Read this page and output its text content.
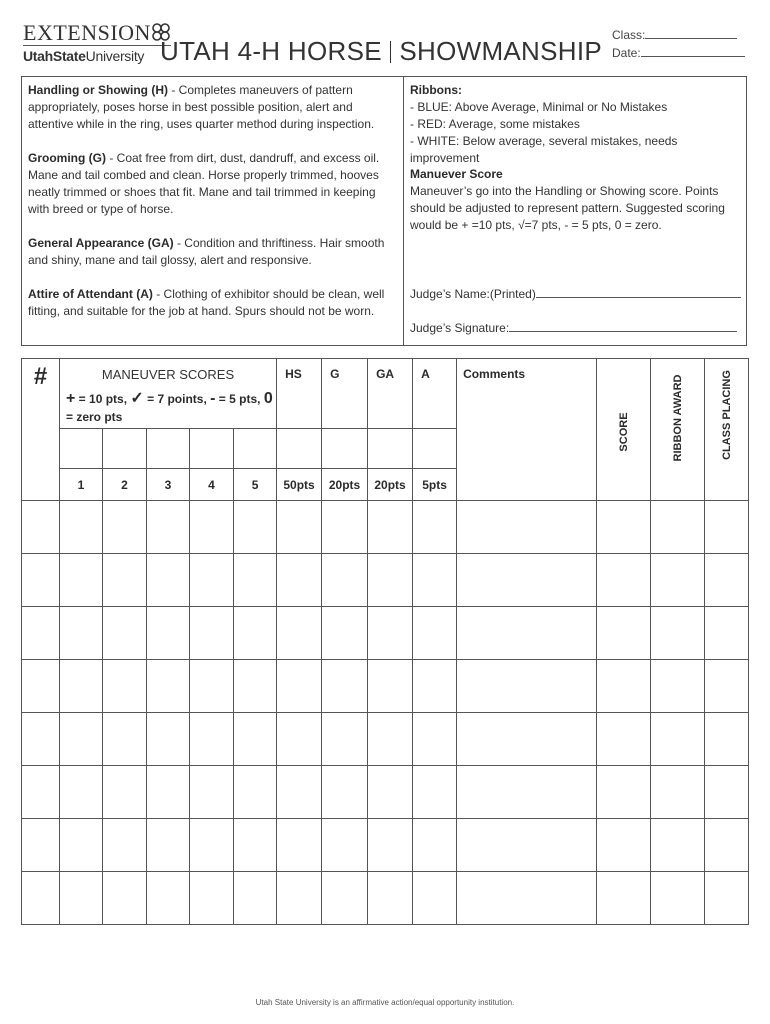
EXTENSION
UtahStateUniversity UTAH 4-H HORSE SHOWMANSHIP
Class:
Date:
Handling or Showing (H) - Completes maneuvers of pattern appropriately, poses horse in best possible position, alert and attentive while in the ring, uses quarter method during inspection.
Grooming (G) - Coat free from dirt, dust, dandruff, and excess oil. Mane and tail combed and clean. Horse properly trimmed, hooves neatly trimmed or shoes that fit. Mane and tail trimmed in keeping with breed or type of horse.
General Appearance (GA) - Condition and thriftiness. Hair smooth and shiny, mane and tail glossy, alert and responsive.
Attire of Attendant (A) - Clothing of exhibitor should be clean, well fitting, and suitable for the job at hand. Spurs should not be worn.
Ribbons:
- BLUE: Above Average, Minimal or No Mistakes
- RED: Average, some mistakes
- WHITE: Below average, several mistakes, needs improvement
Manuever Score
Maneuver’s go into the Handling or Showing score. Points should be adjusted to represent pattern. Suggested scoring would be + =10 pts, √=7 pts, - = 5 pts, 0 = zero.
Judge’s Name:(Printed)
Judge’s Signature:
#	MANEUVER SCORES
+ = 10 pts, ✓ = 7 points, - = 5 pts, 0
= zero pts					HS	G	GA	A	Comments	SCORE	RIBBON AWARD	CLASS PLACING

	1	2	3	4	5	50pts	20pts	20pts	5pts				

Utah State University is an affirmative action/equal opportunity institution.
